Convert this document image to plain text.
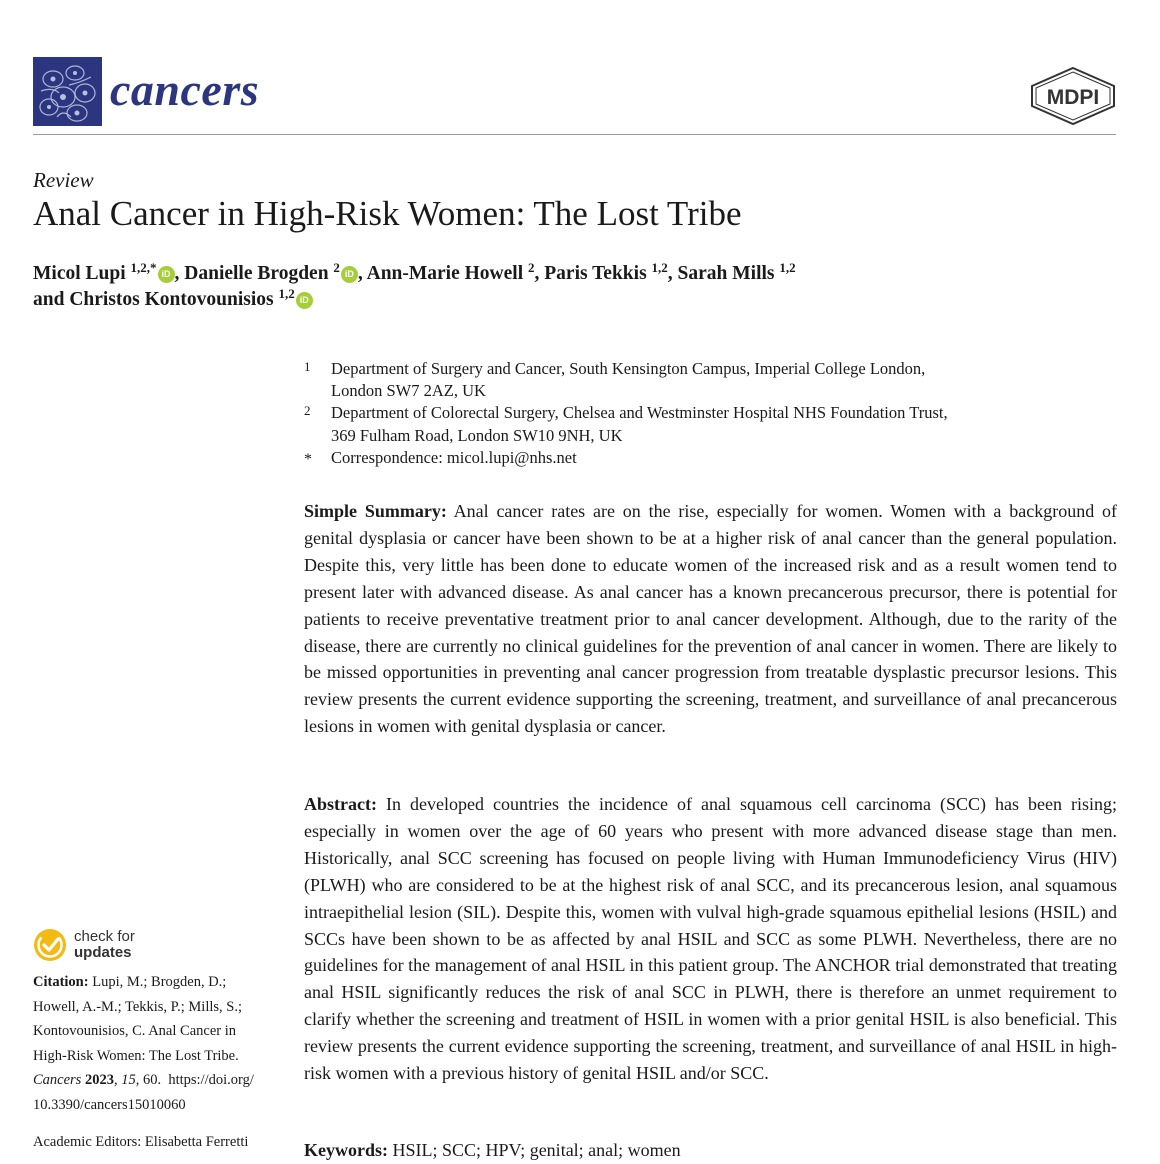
cancers	MDPI
Review
Anal Cancer in High-Risk Women: The Lost Tribe
Micol Lupi $^{1,2,*}$ iD , Danielle Brogden $^2$ iD , Ann-Marie Howell $^2$, Paris Tekkis $^{1,2}$, Sarah Mills $^{1,2}$
and Christos Kontovounisios $^{1,2}$ iD
1 Department of Surgery and Cancer, South Kensington Campus, Imperial College London,
London SW7 2AZ, UK
2 Department of Colorectal Surgery, Chelsea and Westminster Hospital NHS Foundation Trust,
369 Fulham Road, London SW10 9NH, UK
* Correspondence: micol.lupi@nhs.net

Simple Summary: Anal cancer rates are on the rise, especially for women. Women with a background of genital dysplasia or cancer have been shown to be at a higher risk of anal cancer than the general population. Despite this, very little has been done to educate women of the increased risk and as a result women tend to present later with advanced disease. As anal cancer has a known precancerous precursor, there is potential for patients to receive preventative treatment prior to anal cancer development. Although, due to the rarity of the disease, there are currently no clinical guidelines for the prevention of anal cancer in women. There are likely to be missed opportunities in preventing anal cancer progression from treatable dysplastic precursor lesions. This review presents the current evidence supporting the screening, treatment, and surveillance of anal precancerous lesions in women with genital dysplasia or cancer.

Abstract: In developed countries the incidence of anal squamous cell carcinoma (SCC) has been rising; especially in women over the age of 60 years who present with more advanced disease stage than men. Historically, anal SCC screening has focused on people living with Human Immunodeficiency Virus (HIV) (PLWH) who are considered to be at the highest risk of anal SCC, and its precancerous lesion, anal squamous intraepithelial lesion (SIL). Despite this, women with vulval high-grade squamous epithelial lesions (HSIL) and SCCs have been shown to be as affected by anal HSIL and SCC as some PLWH. Nevertheless, there are no guidelines for the management of anal HSIL in this patient group. The ANCHOR trial demonstrated that treating anal HSIL significantly reduces the risk of anal SCC in PLWH, there is therefore an unmet requirement to clarify whether the screening and treatment of HSIL in women with a prior genital HSIL is also beneficial. This review presents the current evidence supporting the screening, treatment, and surveillance of anal HSIL in high-risk women with a previous history of genital HSIL and/or SCC.

Keywords: HSIL; SCC; HPV; genital; anal; women

check for
updates
Citation: Lupi, M.; Brogden, D.;
Howell, A.-M.; Tekkis, P.; Mills, S.;
Kontovounisios, C. Anal Cancer in
High-Risk Women: The Lost Tribe.
Cancers 2023, 15, 60. https://doi.org/
10.3390/cancers15010060
Academic Editors: Elisabetta Ferretti
